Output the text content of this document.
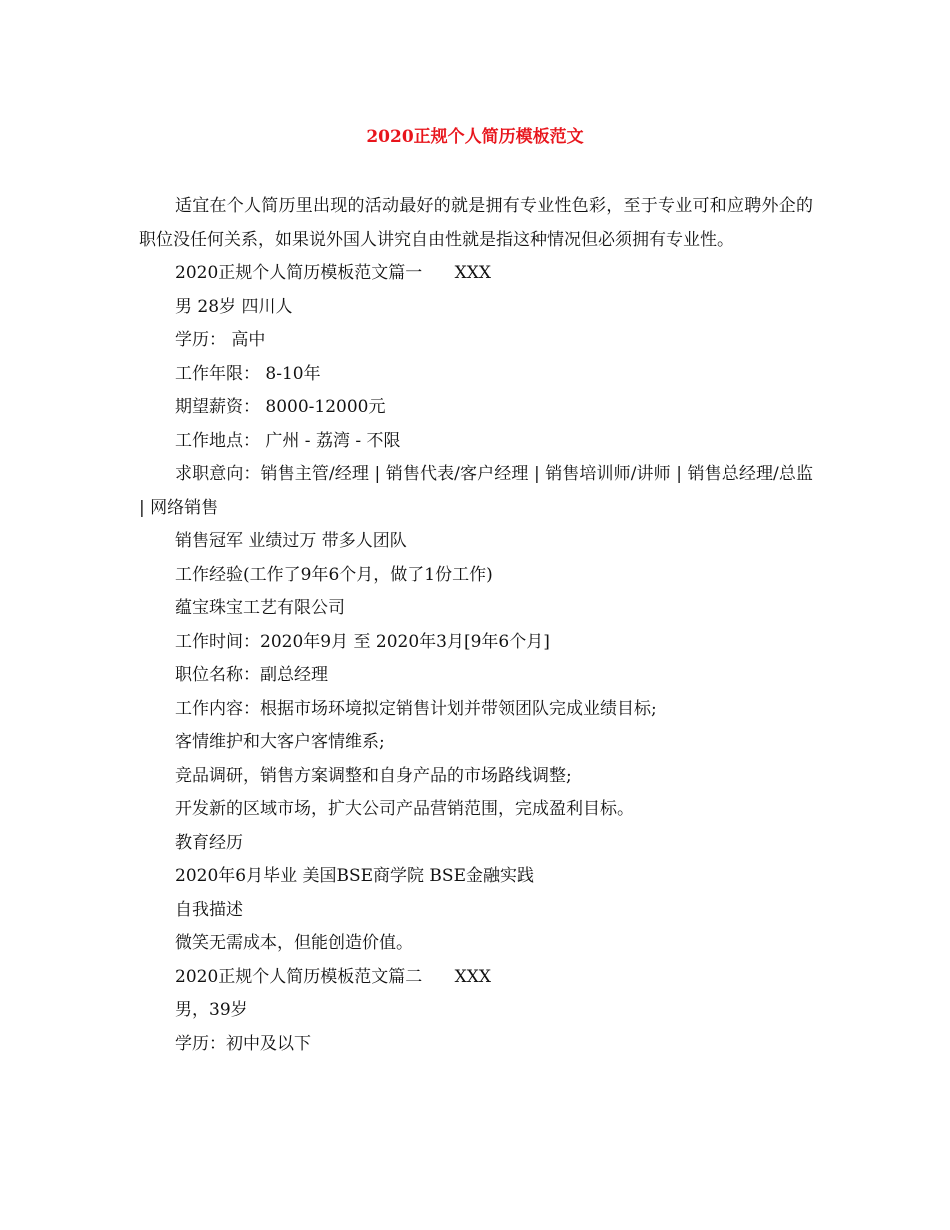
2020正规个人简历模板范文

适宜在个人简历里出现的活动最好的就是拥有专业性色彩，至于专业可和应聘外企的职位没任何关系，如果说外国人讲究自由性就是指这种情况但必须拥有专业性。

2020正规个人简历模板范文篇一      XXX

男 28岁 四川人

学历： 高中

工作年限： 8-10年

期望薪资： 8000-12000元

工作地点： 广州 - 荔湾 - 不限

求职意向：销售主管/经理 | 销售代表/客户经理 | 销售培训师/讲师 | 销售总经理/总监 | 网络销售

销售冠军 业绩过万 带多人团队

工作经验(工作了9年6个月，做了1份工作)

蕴宝珠宝工艺有限公司

工作时间：2020年9月 至 2020年3月[9年6个月]

职位名称：副总经理

工作内容：根据市场环境拟定销售计划并带领团队完成业绩目标;

客情维护和大客户客情维系;

竞品调研，销售方案调整和自身产品的市场路线调整;

开发新的区域市场，扩大公司产品营销范围，完成盈利目标。

教育经历

2020年6月毕业 美国BSE商学院 BSE金融实践

自我描述

微笑无需成本，但能创造价值。

2020正规个人简历模板范文篇二      XXX

男，39岁

学历：初中及以下
